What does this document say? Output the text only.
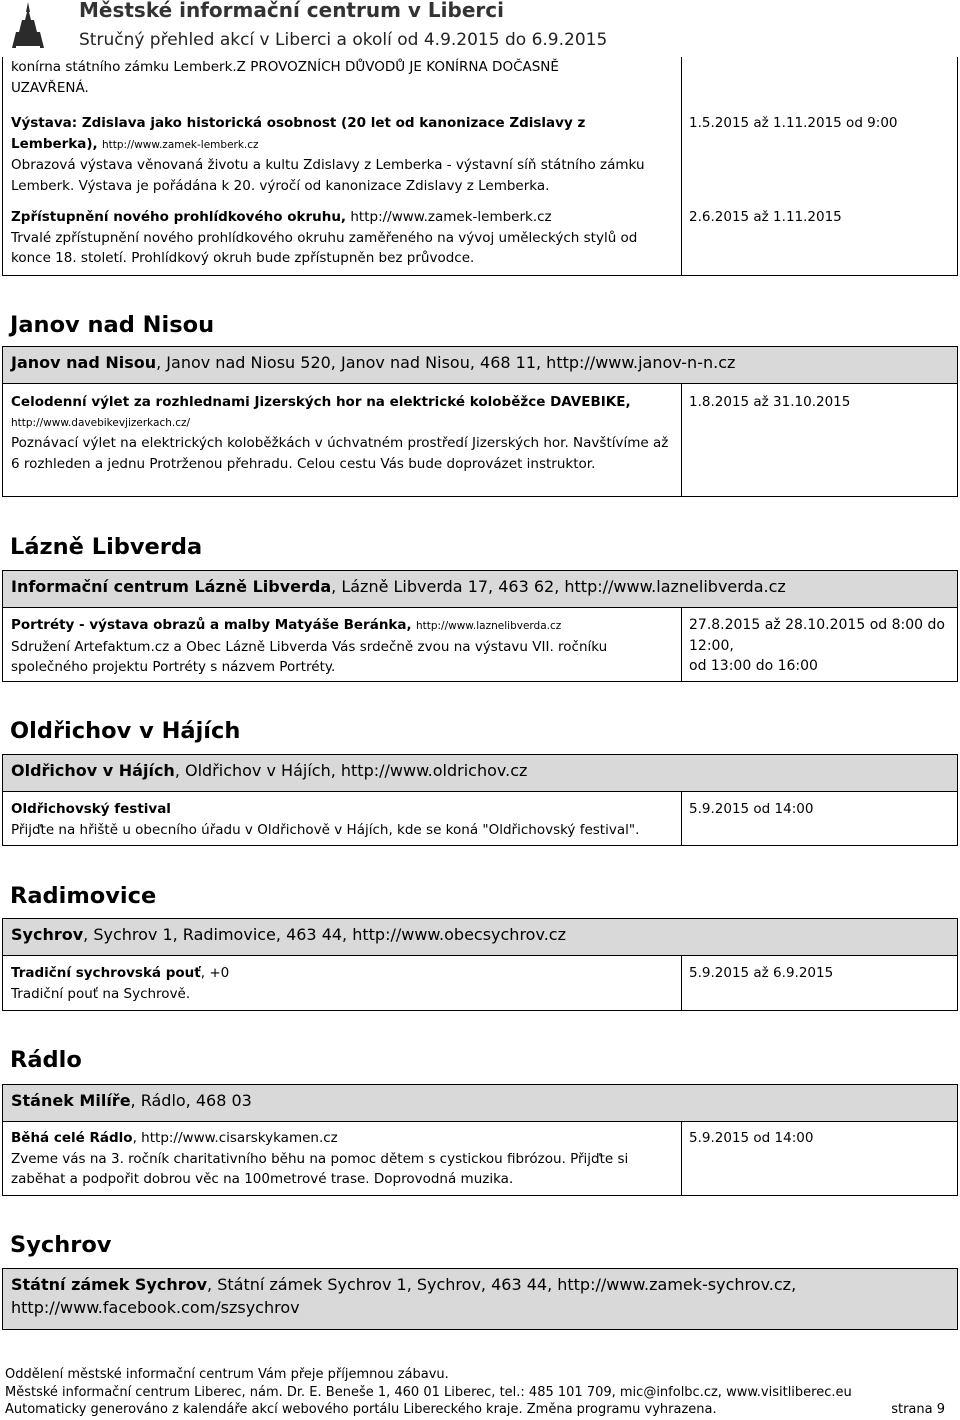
Městské informační centrum v Liberci
Stručný přehled akcí v Liberci a okolí od 4.9.2015 do 6.9.2015
konírna státního zámku Lemberk.Z PROVOZNÍCH DŮVODŮ JE KONÍRNA DOČASNĚ
UZAVŘENÁ.
Výstava: Zdislava jako historická osobnost (20 let od kanonizace Zdislavy z
Lemberka), http://www.zamek-lemberk.cz
Obrazová výstava věnovaná životu a kultu Zdislavy z Lemberka - výstavní síň státního zámku Lemberk. Výstava je pořádána k 20. výročí od kanonizace Zdislavy z Lemberka.
1.5.2015 až 1.11.2015 od 9:00
Zpřístupnění nového prohlídkového okruhu, http://www.zamek-lemberk.cz
Trvalé zpřístupnění nového prohlídkového okruhu zaměřeného na vývoj uměleckých stylů od konce 18. století. Prohlídkový okruh bude zpřístupněn bez průvodce.
2.6.2015 až 1.11.2015
Janov nad Nisou
Janov nad Nisou, Janov nad Niosu 520, Janov nad Nisou, 468 11, http://www.janov-n-n.cz
Celodenní výlet za rozhlednami Jizerských hor na elektrické koloběžce DAVEBIKE,
http://www.davebikevjizerkach.cz/
Poznávací výlet na elektrických koloběžkách v úchvatném prostředí Jizerských hor. Navštívíme až 6 rozhleden a jednu Protrženou přehradu. Celou cestu Vás bude doprovázet instruktor.
1.8.2015 až 31.10.2015
Lázně Libverda
Informační centrum Lázně Libverda, Lázně Libverda 17, 463 62, http://www.laznelibverda.cz
Portréty - výstava obrazů a malby Matyáše Beránka, http://www.laznelibverda.cz
Sdružení Artefaktum.cz a Obec Lázně Libverda Vás srdečně zvou na výstavu VII. ročníku společného projektu Portréty s názvem Portréty.
27.8.2015 až 28.10.2015 od 8:00 do
12:00,
od 13:00 do 16:00
Oldřichov v Hájích
Oldřichov v Hájích, Oldřichov v Hájích, http://www.oldrichov.cz
Oldřichovský festival
Přijďte na hřiště u obecního úřadu v Oldřichově v Hájích, kde se koná "Oldřichovský festival".
5.9.2015 od 14:00
Radimovice
Sychrov, Sychrov 1, Radimovice, 463 44, http://www.obecsychrov.cz
Tradiční sychrovská pouť, +0
Tradiční pouť na Sychrově.
5.9.2015 až 6.9.2015
Rádlo
Stánek Milíře, Rádlo, 468 03
Běhá celé Rádlo, http://www.cisarskykamen.cz
Zveme vás na 3. ročník charitativního běhu na pomoc dětem s cystickou fibrózou. Přijďte si zaběhat a podpořit dobrou věc na 100metrové trase. Doprovodná muzika.
5.9.2015 od 14:00
Sychrov
Státní zámek Sychrov, Státní zámek Sychrov 1, Sychrov, 463 44, http://www.zamek-sychrov.cz,
http://www.facebook.com/szsychrov
Oddělení městské informační centrum Vám přeje příjemnou zábavu.
Městské informační centrum Liberec, nám. Dr. E. Beneše 1, 460 01 Liberec, tel.: 485 101 709, mic@infolbc.cz, www.visitliberec.eu
Automaticky generováno z kalendáře akcí webového portálu Libereckého kraje. Změna programu vyhrazena.	strana 9
